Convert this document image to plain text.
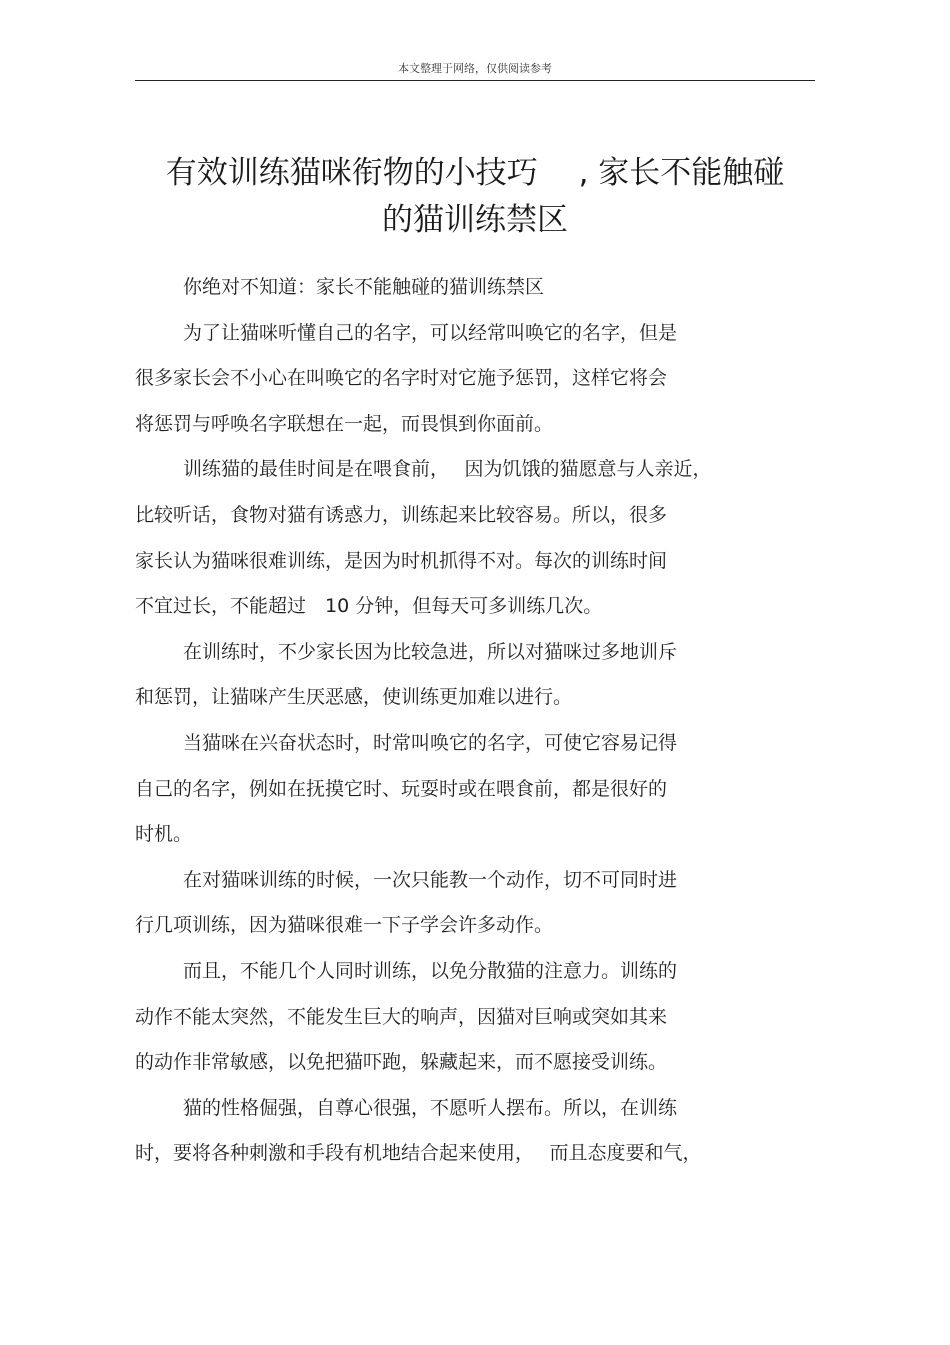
本文整理于网络，仅供阅读参考
有效训练猫咪衔物的小技巧　 , 家长不能触碰
的猫训练禁区
你绝对不知道：家长不能触碰的猫训练禁区
为了让猫咪听懂自己的名字，可以经常叫唤它的名字，但是
很多家长会不小心在叫唤它的名字时对它施予惩罚，这样它将会
将惩罚与呼唤名字联想在一起，而畏惧到你面前。
训练猫的最佳时间是在喂食前，　 因为饥饿的猫愿意与人亲近，
比较听话，食物对猫有诱惑力，训练起来比较容易。所以，很多
家长认为猫咪很难训练，是因为时机抓得不对。每次的训练时间
不宜过长，不能超过　10 分钟，但每天可多训练几次。
在训练时，不少家长因为比较急进，所以对猫咪过多地训斥
和惩罚，让猫咪产生厌恶感，使训练更加难以进行。
当猫咪在兴奋状态时，时常叫唤它的名字，可使它容易记得
自己的名字，例如在抚摸它时、玩耍时或在喂食前，都是很好的
时机。
在对猫咪训练的时候，一次只能教一个动作，切不可同时进
行几项训练，因为猫咪很难一下子学会许多动作。
而且，不能几个人同时训练，以免分散猫的注意力。训练的
动作不能太突然，不能发生巨大的响声，因猫对巨响或突如其来
的动作非常敏感，以免把猫吓跑，躲藏起来，而不愿接受训练。
猫的性格倔强，自尊心很强，不愿听人摆布。所以，在训练
时，要将各种刺激和手段有机地结合起来使用，　 而且态度要和气，
